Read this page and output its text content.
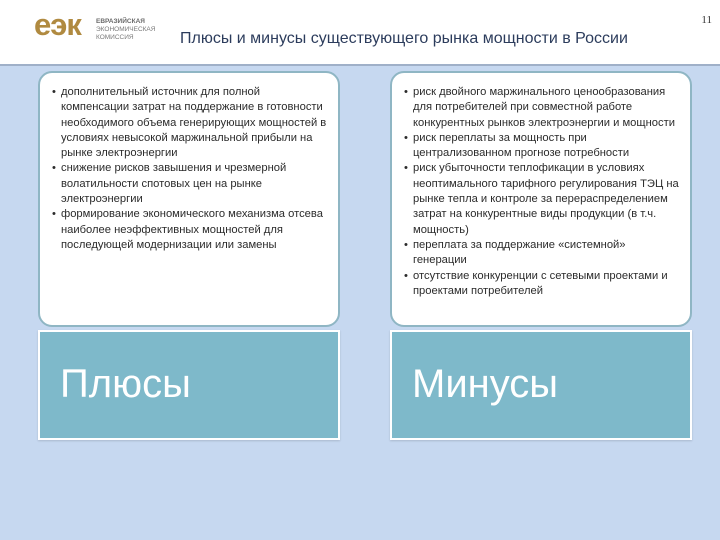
еэк ЕВРАЗИЙСКАЯ
ЭКОНОМИЧЕСКАЯ
КОМИССИЯ	Плюсы и минусы существующего рынка мощности в России
11
• дополнительный источник для полной компенсации затрат на поддержание в готовности необходимого объема генерирующих мощностей в условиях невысокой маржинальной прибыли на рынке электроэнергии
• снижение рисков завышения и чрезмерной волатильности спотовых цен на рынке электроэнергии
• формирование экономического механизма отсева наиболее неэффективных мощностей для последующей модернизации или замены
• риск двойного маржинального ценообразования для потребителей при совместной работе конкурентных рынков электроэнергии и мощности
• риск переплаты за мощность при централизованном прогнозе потребности
• риск убыточности теплофикации в условиях неоптимального тарифного регулирования ТЭЦ на рынке тепла и контроле за перераспределением затрат на конкурентные виды продукции (в т.ч. мощность)
• переплата за поддержание «системной» генерации
• отсутствие конкуренции с сетевыми проектами и проектами потребителей
Плюсы	Минусы
